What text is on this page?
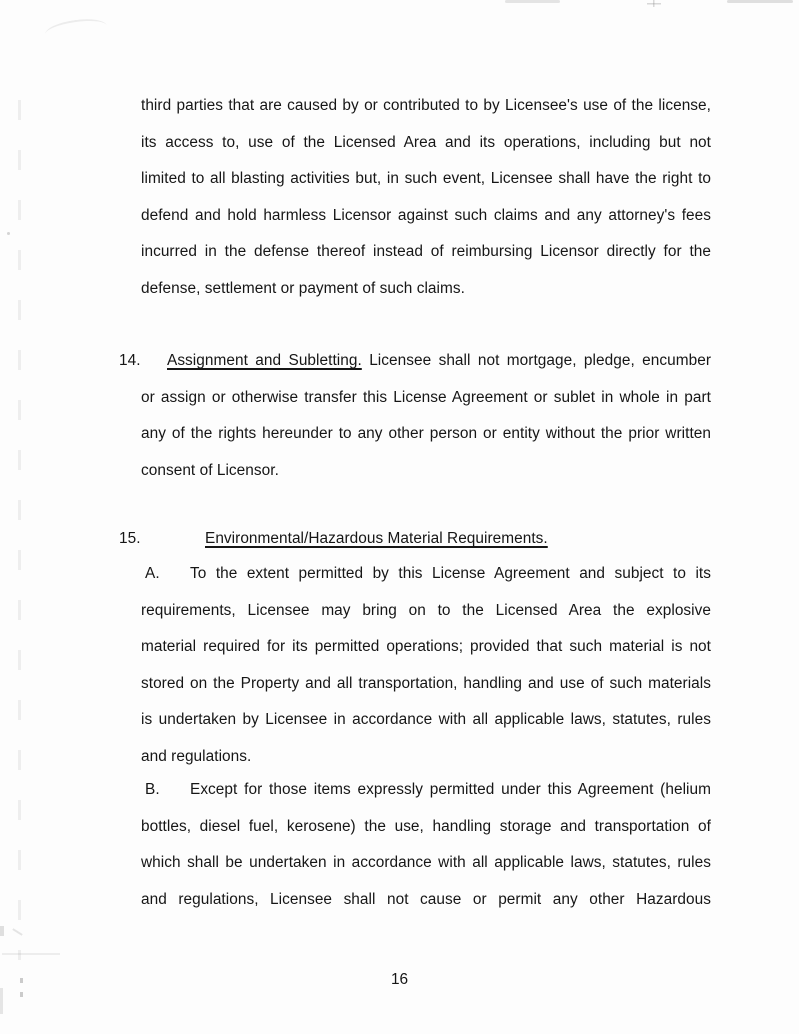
third parties that are caused by or contributed to by Licensee's use of the license,
its access to, use of the Licensed Area and its operations, including but not
limited to all blasting activities but, in such event, Licensee shall have the right to
defend and hold harmless Licensor against such claims and any attorney's fees
incurred in the defense thereof instead of reimbursing Licensor directly for the
defense, settlement or payment of such claims.
14.	Assignment and Subletting. Licensee shall not mortgage, pledge, encumber
or assign or otherwise transfer this License Agreement or sublet in whole in part
any of the rights hereunder to any other person or entity without the prior written
consent of Licensor.
15.	Environmental/Hazardous Material Requirements.
A.	To the extent permitted by this License Agreement and subject to its
requirements, Licensee may bring on to the Licensed Area the explosive
material required for its permitted operations; provided that such material is not
stored on the Property and all transportation, handling and use of such materials
is undertaken by Licensee in accordance with all applicable laws, statutes, rules
and regulations.
B.	Except for those items expressly permitted under this Agreement (helium
bottles, diesel fuel, kerosene) the use, handling storage and transportation of
which shall be undertaken in accordance with all applicable laws, statutes, rules
and regulations, Licensee shall not cause or permit any other Hazardous
16
